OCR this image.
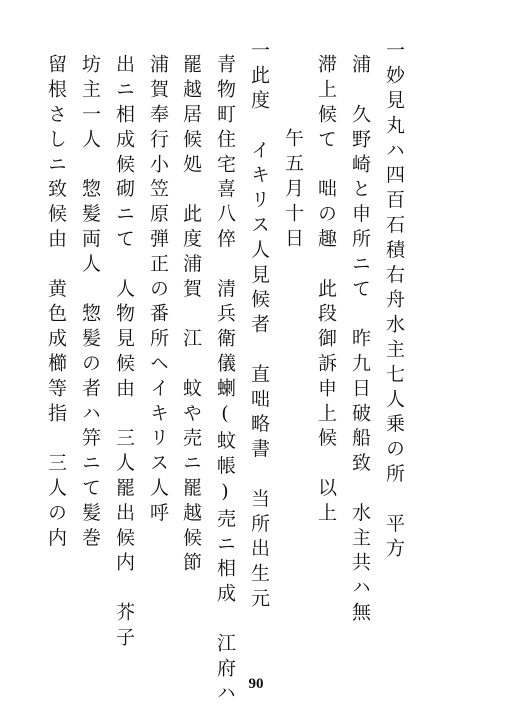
一妙見丸ハ四百石積右舟水主七人乗の所　平方
浦　久野崎と申所ニて　昨九日破船致　水主共ハ無
滞上候て　咄の趣　此段御訴申上候　以上
午五月十日
一此度　イキリス人見候者　直咄略書　当所出生元
青物町住宅喜八倅　清兵衛儀蝲(蚊帳)売ニ相成　江府ハ
罷越居候処　此度浦賀　江　蚊や売ニ罷越候節
浦賀奉行小笠原弾正の番所ヘイキリス人呼
出ニ相成候砌ニて　人物見候由　三人罷出候内　芥子
坊主一人　惣髪両人　惣髪の者ハ笄ニて髪巻
留根さしニ致候由　黄色成櫛等指　三人の内
90
